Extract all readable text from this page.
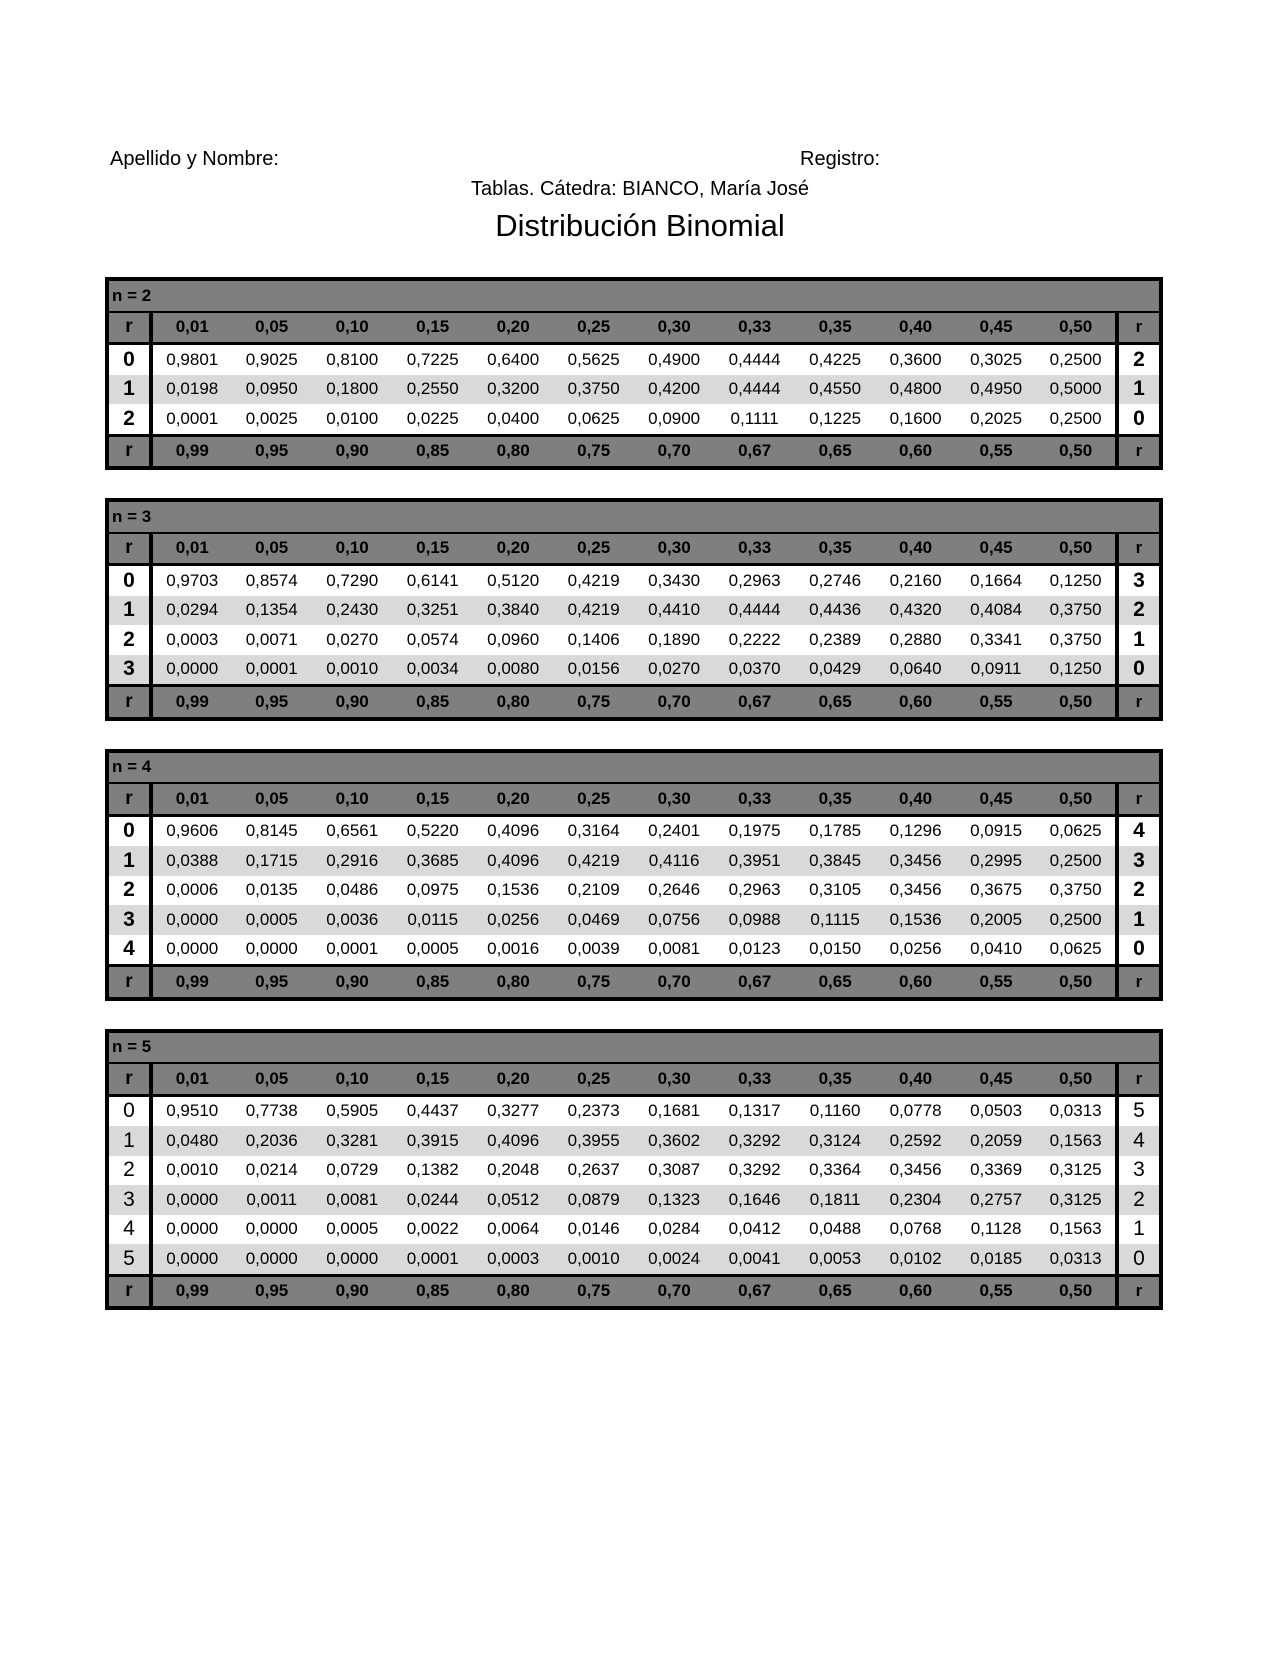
Apellido y Nombre:	Registro:
Tablas. Cátedra: BIANCO, María José
Distribución Binomial
n = 2													
r	0,01	0,05	0,10	0,15	0,20	0,25	0,30	0,33	0,35	0,40	0,45	0,50	r
0	0,9801	0,9025	0,8100	0,7225	0,6400	0,5625	0,4900	0,4444	0,4225	0,3600	0,3025	0,2500	2
1	0,0198	0,0950	0,1800	0,2550	0,3200	0,3750	0,4200	0,4444	0,4550	0,4800	0,4950	0,5000	1
2	0,0001	0,0025	0,0100	0,0225	0,0400	0,0625	0,0900	0,1111	0,1225	0,1600	0,2025	0,2500	0
r	0,99	0,95	0,90	0,85	0,80	0,75	0,70	0,67	0,65	0,60	0,55	0,50	r
n = 3													
r	0,01	0,05	0,10	0,15	0,20	0,25	0,30	0,33	0,35	0,40	0,45	0,50	r
0	0,9703	0,8574	0,7290	0,6141	0,5120	0,4219	0,3430	0,2963	0,2746	0,2160	0,1664	0,1250	3
1	0,0294	0,1354	0,2430	0,3251	0,3840	0,4219	0,4410	0,4444	0,4436	0,4320	0,4084	0,3750	2
2	0,0003	0,0071	0,0270	0,0574	0,0960	0,1406	0,1890	0,2222	0,2389	0,2880	0,3341	0,3750	1
3	0,0000	0,0001	0,0010	0,0034	0,0080	0,0156	0,0270	0,0370	0,0429	0,0640	0,0911	0,1250	0
r	0,99	0,95	0,90	0,85	0,80	0,75	0,70	0,67	0,65	0,60	0,55	0,50	r
n = 4													
r	0,01	0,05	0,10	0,15	0,20	0,25	0,30	0,33	0,35	0,40	0,45	0,50	r
0	0,9606	0,8145	0,6561	0,5220	0,4096	0,3164	0,2401	0,1975	0,1785	0,1296	0,0915	0,0625	4
1	0,0388	0,1715	0,2916	0,3685	0,4096	0,4219	0,4116	0,3951	0,3845	0,3456	0,2995	0,2500	3
2	0,0006	0,0135	0,0486	0,0975	0,1536	0,2109	0,2646	0,2963	0,3105	0,3456	0,3675	0,3750	2
3	0,0000	0,0005	0,0036	0,0115	0,0256	0,0469	0,0756	0,0988	0,1115	0,1536	0,2005	0,2500	1
4	0,0000	0,0000	0,0001	0,0005	0,0016	0,0039	0,0081	0,0123	0,0150	0,0256	0,0410	0,0625	0
r	0,99	0,95	0,90	0,85	0,80	0,75	0,70	0,67	0,65	0,60	0,55	0,50	r
n = 5													
r	0,01	0,05	0,10	0,15	0,20	0,25	0,30	0,33	0,35	0,40	0,45	0,50	r
0	0,9510	0,7738	0,5905	0,4437	0,3277	0,2373	0,1681	0,1317	0,1160	0,0778	0,0503	0,0313	5
1	0,0480	0,2036	0,3281	0,3915	0,4096	0,3955	0,3602	0,3292	0,3124	0,2592	0,2059	0,1563	4
2	0,0010	0,0214	0,0729	0,1382	0,2048	0,2637	0,3087	0,3292	0,3364	0,3456	0,3369	0,3125	3
3	0,0000	0,0011	0,0081	0,0244	0,0512	0,0879	0,1323	0,1646	0,1811	0,2304	0,2757	0,3125	2
4	0,0000	0,0000	0,0005	0,0022	0,0064	0,0146	0,0284	0,0412	0,0488	0,0768	0,1128	0,1563	1
5	0,0000	0,0000	0,0000	0,0001	0,0003	0,0010	0,0024	0,0041	0,0053	0,0102	0,0185	0,0313	0
r	0,99	0,95	0,90	0,85	0,80	0,75	0,70	0,67	0,65	0,60	0,55	0,50	r
